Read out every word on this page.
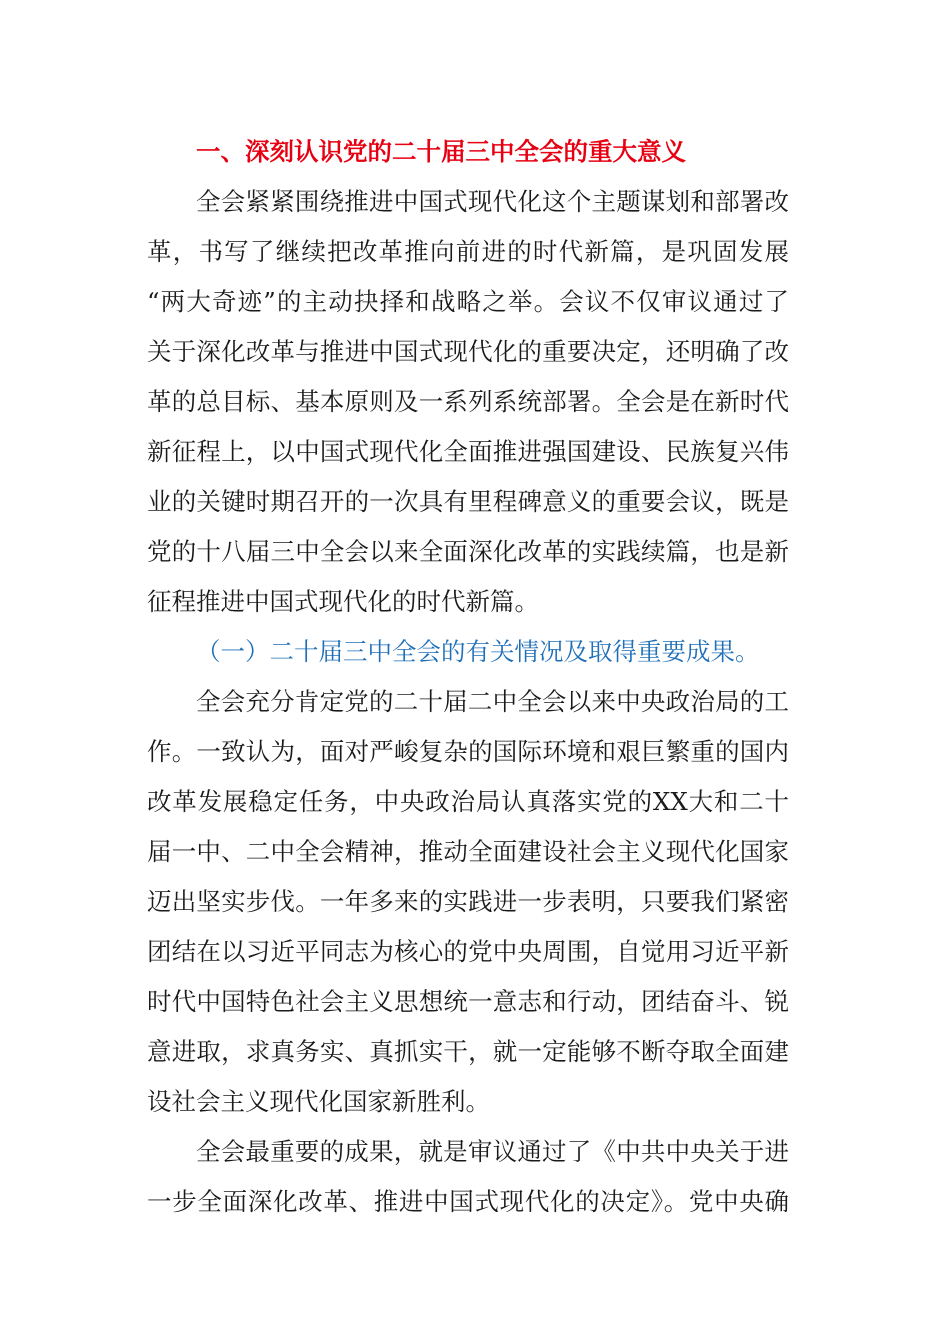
一、深刻认识党的二十届三中全会的重大意义
全会紧紧围绕推进中国式现代化这个主题谋划和部署改
革，书写了继续把改革推向前进的时代新篇，是巩固发展
“两大奇迹”的主动抉择和战略之举。会议不仅审议通过了
关于深化改革与推进中国式现代化的重要决定，还明确了改
革的总目标、基本原则及一系列系统部署。全会是在新时代
新征程上，以中国式现代化全面推进强国建设、民族复兴伟
业的关键时期召开的一次具有里程碑意义的重要会议，既是
党的十八届三中全会以来全面深化改革的实践续篇，也是新
征程推进中国式现代化的时代新篇。
（一）二十届三中全会的有关情况及取得重要成果。
全会充分肯定党的二十届二中全会以来中央政治局的工
作。一致认为，面对严峻复杂的国际环境和艰巨繁重的国内
改革发展稳定任务，中央政治局认真落实党的XX大和二十
届一中、二中全会精神，推动全面建设社会主义现代化国家
迈出坚实步伐。一年多来的实践进一步表明，只要我们紧密
团结在以习近平同志为核心的党中央周围，自觉用习近平新
时代中国特色社会主义思想统一意志和行动，团结奋斗、锐
意进取，求真务实、真抓实干，就一定能够不断夺取全面建
设社会主义现代化国家新胜利。
全会最重要的成果，就是审议通过了《中共中央关于进
一步全面深化改革、推进中国式现代化的决定》。党中央确
